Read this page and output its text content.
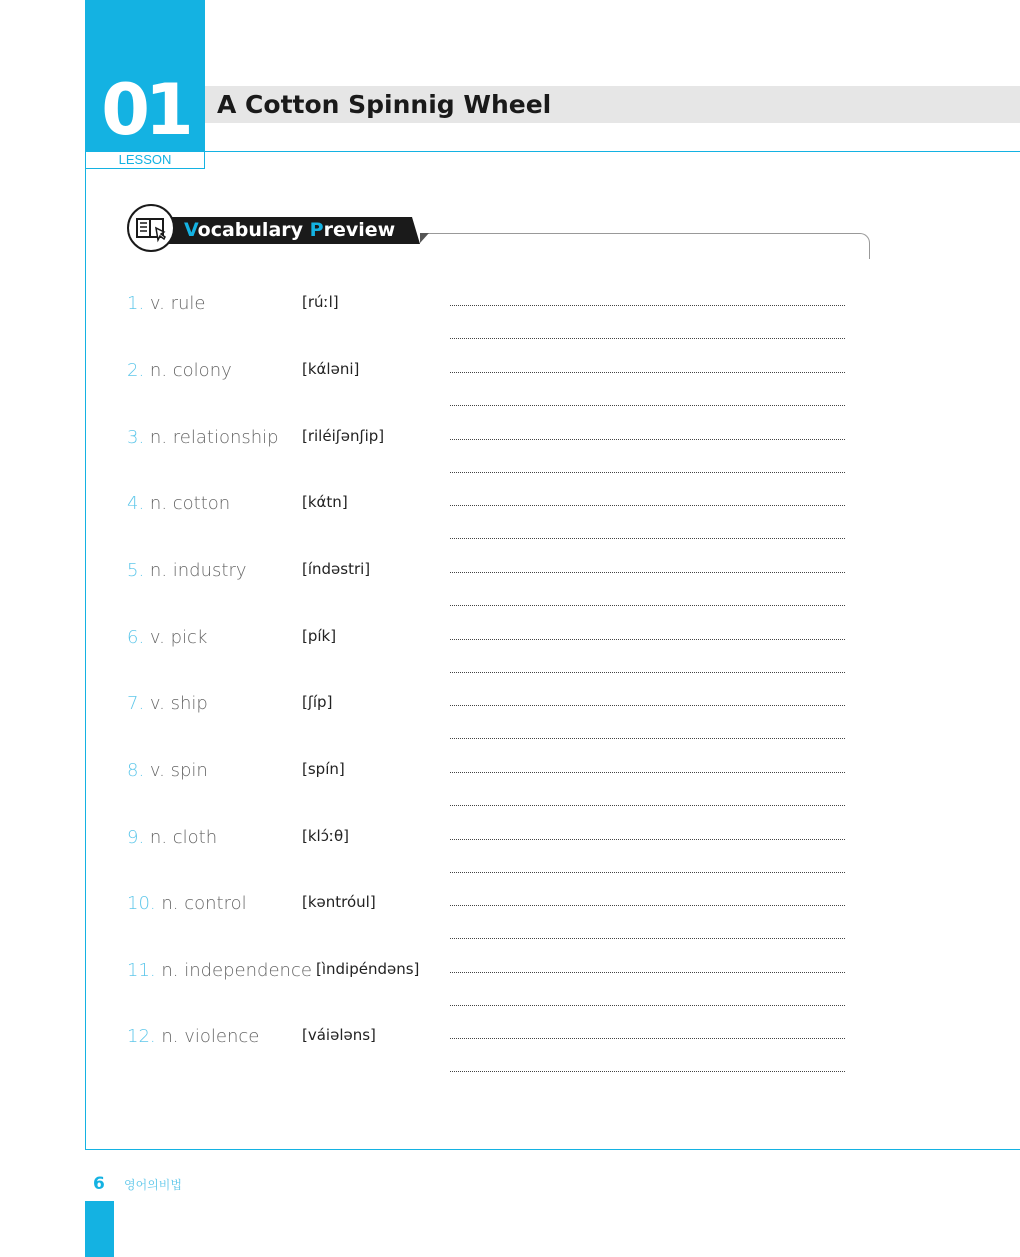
01
LESSON
A Cotton Spinnig Wheel
Vocabulary Preview
1. v. rule	[rúːl]
2. n. colony	[kάləni]
3. n. relationship [riléiʃənʃip]
4. n. cotton	[kάtn]
5. n. industry	[índəstri]
6. v. pick	[pík]
7. v. ship	[ʃíp]
8. v. spin	[spín]
9. n. cloth	[klɔ́ːθ]
10. n. control	[kəntróul]
11. n. independence [ìndipéndəns]
12. n. violence	[váiələns]
6 영어의비법
